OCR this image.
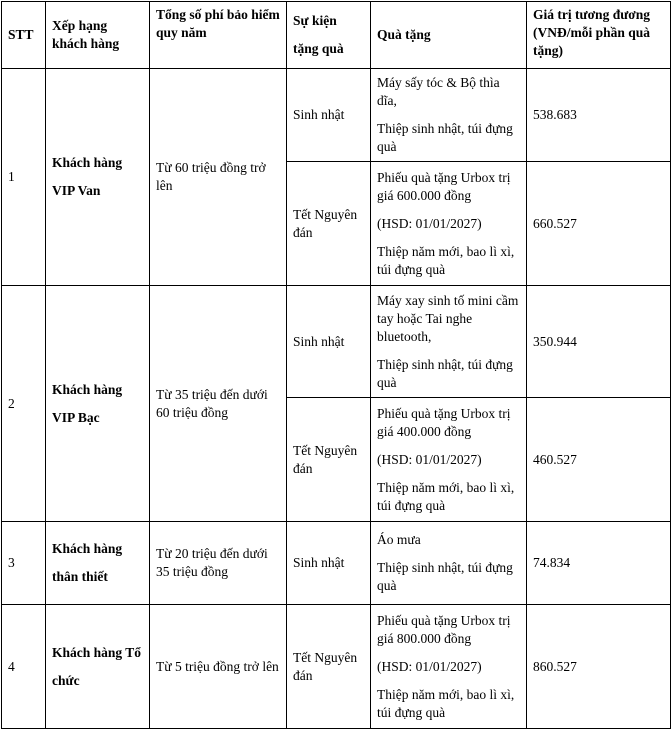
STT	Xếp hạng khách hàng	Tổng số phí bảo hiểm quy năm	Sự kiện tặng quà	Quà tặng	Giá trị tương đương (VNĐ/mỗi phần quà tặng)
1	Khách hàng VIP Van	Từ 60 triệu đồng trở lên	Sinh nhật	Máy sấy tóc & Bộ thìa dĩa,

Thiệp sinh nhật, túi đựng quà	538.683
			Tết Nguyên đán	Phiếu quà tặng Urbox trị giá 600.000 đồng

(HSD: 01/01/2027)

Thiệp năm mới, bao lì xì, túi đựng quà	660.527
2	Khách hàng VIP Bạc	Từ 35 triệu đến dưới 60 triệu đồng	Sinh nhật	Máy xay sinh tố mini cầm tay hoặc Tai nghe bluetooth,

Thiệp sinh nhật, túi đựng quà	350.944
			Tết Nguyên đán	Phiếu quà tặng Urbox trị giá 400.000 đồng

(HSD: 01/01/2027)

Thiệp năm mới, bao lì xì, túi đựng quà	460.527
3	Khách hàng thân thiết	Từ 20 triệu đến dưới 35 triệu đồng	Sinh nhật	Áo mưa

Thiệp sinh nhật, túi đựng quà	74.834
4	Khách hàng Tổ chức	Từ 5 triệu đồng trở lên	Tết Nguyên đán	Phiếu quà tặng Urbox trị giá 800.000 đồng

(HSD: 01/01/2027)

Thiệp năm mới, bao lì xì, túi đựng quà	860.527
